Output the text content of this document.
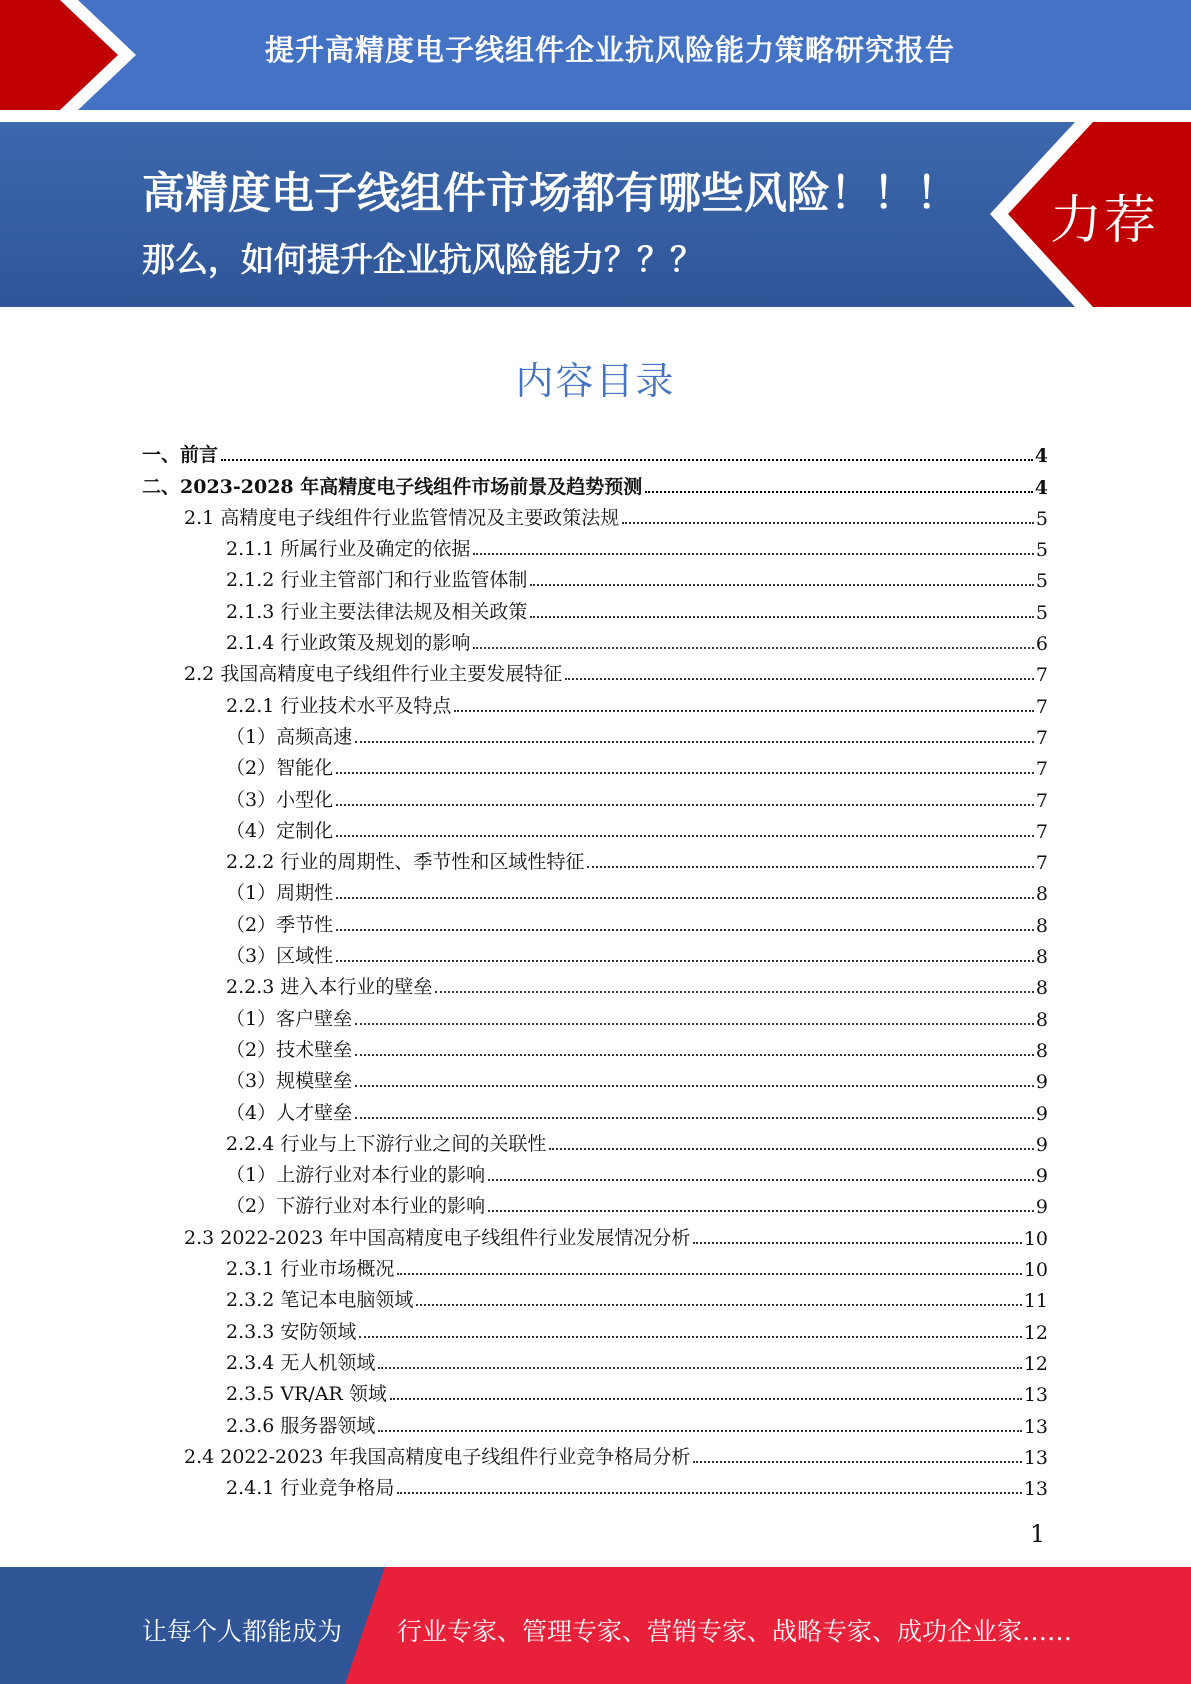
提升高精度电子线组件企业抗风险能力策略研究报告
高精度电子线组件市场都有哪些风险！！！
那么，如何提升企业抗风险能力？？？
力荐
内容目录
一、前言	4
二、2023-2028 年高精度电子线组件市场前景及趋势预测	4
2.1 高精度电子线组件行业监管情况及主要政策法规	5
2.1.1 所属行业及确定的依据	5
2.1.2 行业主管部门和行业监管体制	5
2.1.3 行业主要法律法规及相关政策	5
2.1.4 行业政策及规划的影响	6
2.2 我国高精度电子线组件行业主要发展特征	7
2.2.1 行业技术水平及特点	7
（1）高频高速	7
（2）智能化	7
（3）小型化	7
（4）定制化	7
2.2.2 行业的周期性、季节性和区域性特征	7
（1）周期性	8
（2）季节性	8
（3）区域性	8
2.2.3 进入本行业的壁垒	8
（1）客户壁垒	8
（2）技术壁垒	8
（3）规模壁垒	9
（4）人才壁垒	9
2.2.4 行业与上下游行业之间的关联性	9
（1）上游行业对本行业的影响	9
（2）下游行业对本行业的影响	9
2.3 2022-2023 年中国高精度电子线组件行业发展情况分析	10
2.3.1 行业市场概况	10
2.3.2 笔记本电脑领域	11
2.3.3 安防领域	12
2.3.4 无人机领域	12
2.3.5 VR/AR 领域	13
2.3.6 服务器领域	13
2.4 2022-2023 年我国高精度电子线组件行业竞争格局分析	13
2.4.1 行业竞争格局	13
1
让每个人都能成为 行业专家、管理专家、营销专家、战略专家、成功企业家……
